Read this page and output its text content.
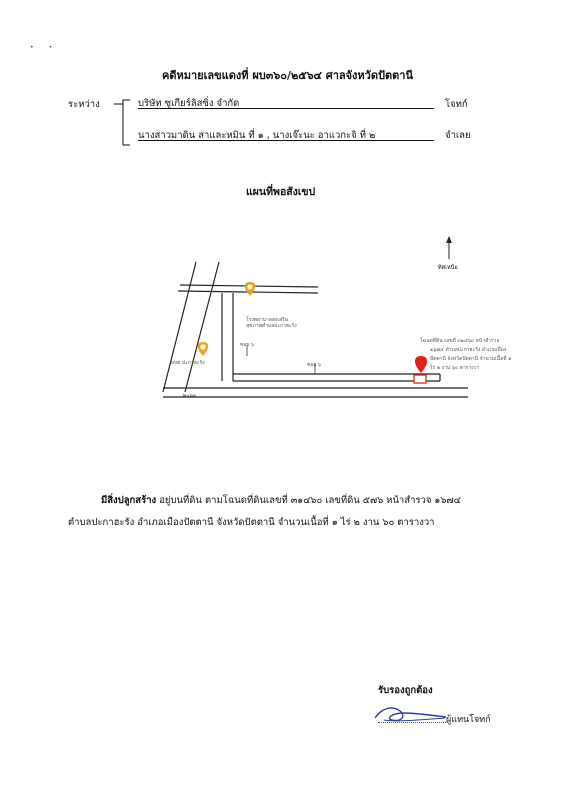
•        •
คดีหมายเลขแดงที่ ผบ๓๖๐/๒๕๖๔ ศาลจังหวัดปัตตานี
ระหว่าง	บริษัท ซูเกียร์ลิสซิ่ง จำกัด	โจทก์
นางสาวมาดิน สาและหมิน ที่ ๑ , นางเจ๊ะนะ อาแวกะจิ ที่ ๒	จำเลย
แผนที่พอสังเขป
ทิศเหนือ
โรงพยาบาลส่งเสริม
สุขภาพตำบลปะกาฮะรัง
อบต.ปะกาฮะรัง
ซอย ๖
ซอย ๖
๒๐๖๓
โฉนดที่ดิน เลขที่ ๓๑๔๖๐ หน้าสำรวจ
๑๖๗๔ ตำบลปะกาฮะรัง อำเภอเมือง
ปัตตานี จังหวัดปัตตานี จำนวนเนื้อที่ ๑
ไร่ ๒ งาน ๖๐ ตารางวา
มีสิ่งปลูกสร้าง อยู่บนที่ดิน ตามโฉนดที่ดินเลขที่ ๓๑๔๖๐ เลขที่ดิน ๕๗๖ หน้าสำรวจ ๑๖๗๔
ตำบลปะกาฮะรัง อำเภอเมืองปัตตานี จังหวัดปัตตานี จำนวนเนื้อที่ ๑ ไร่ ๒ งาน ๖๐ ตารางวา
รับรองถูกต้อง
ผู้แทนโจทก์
